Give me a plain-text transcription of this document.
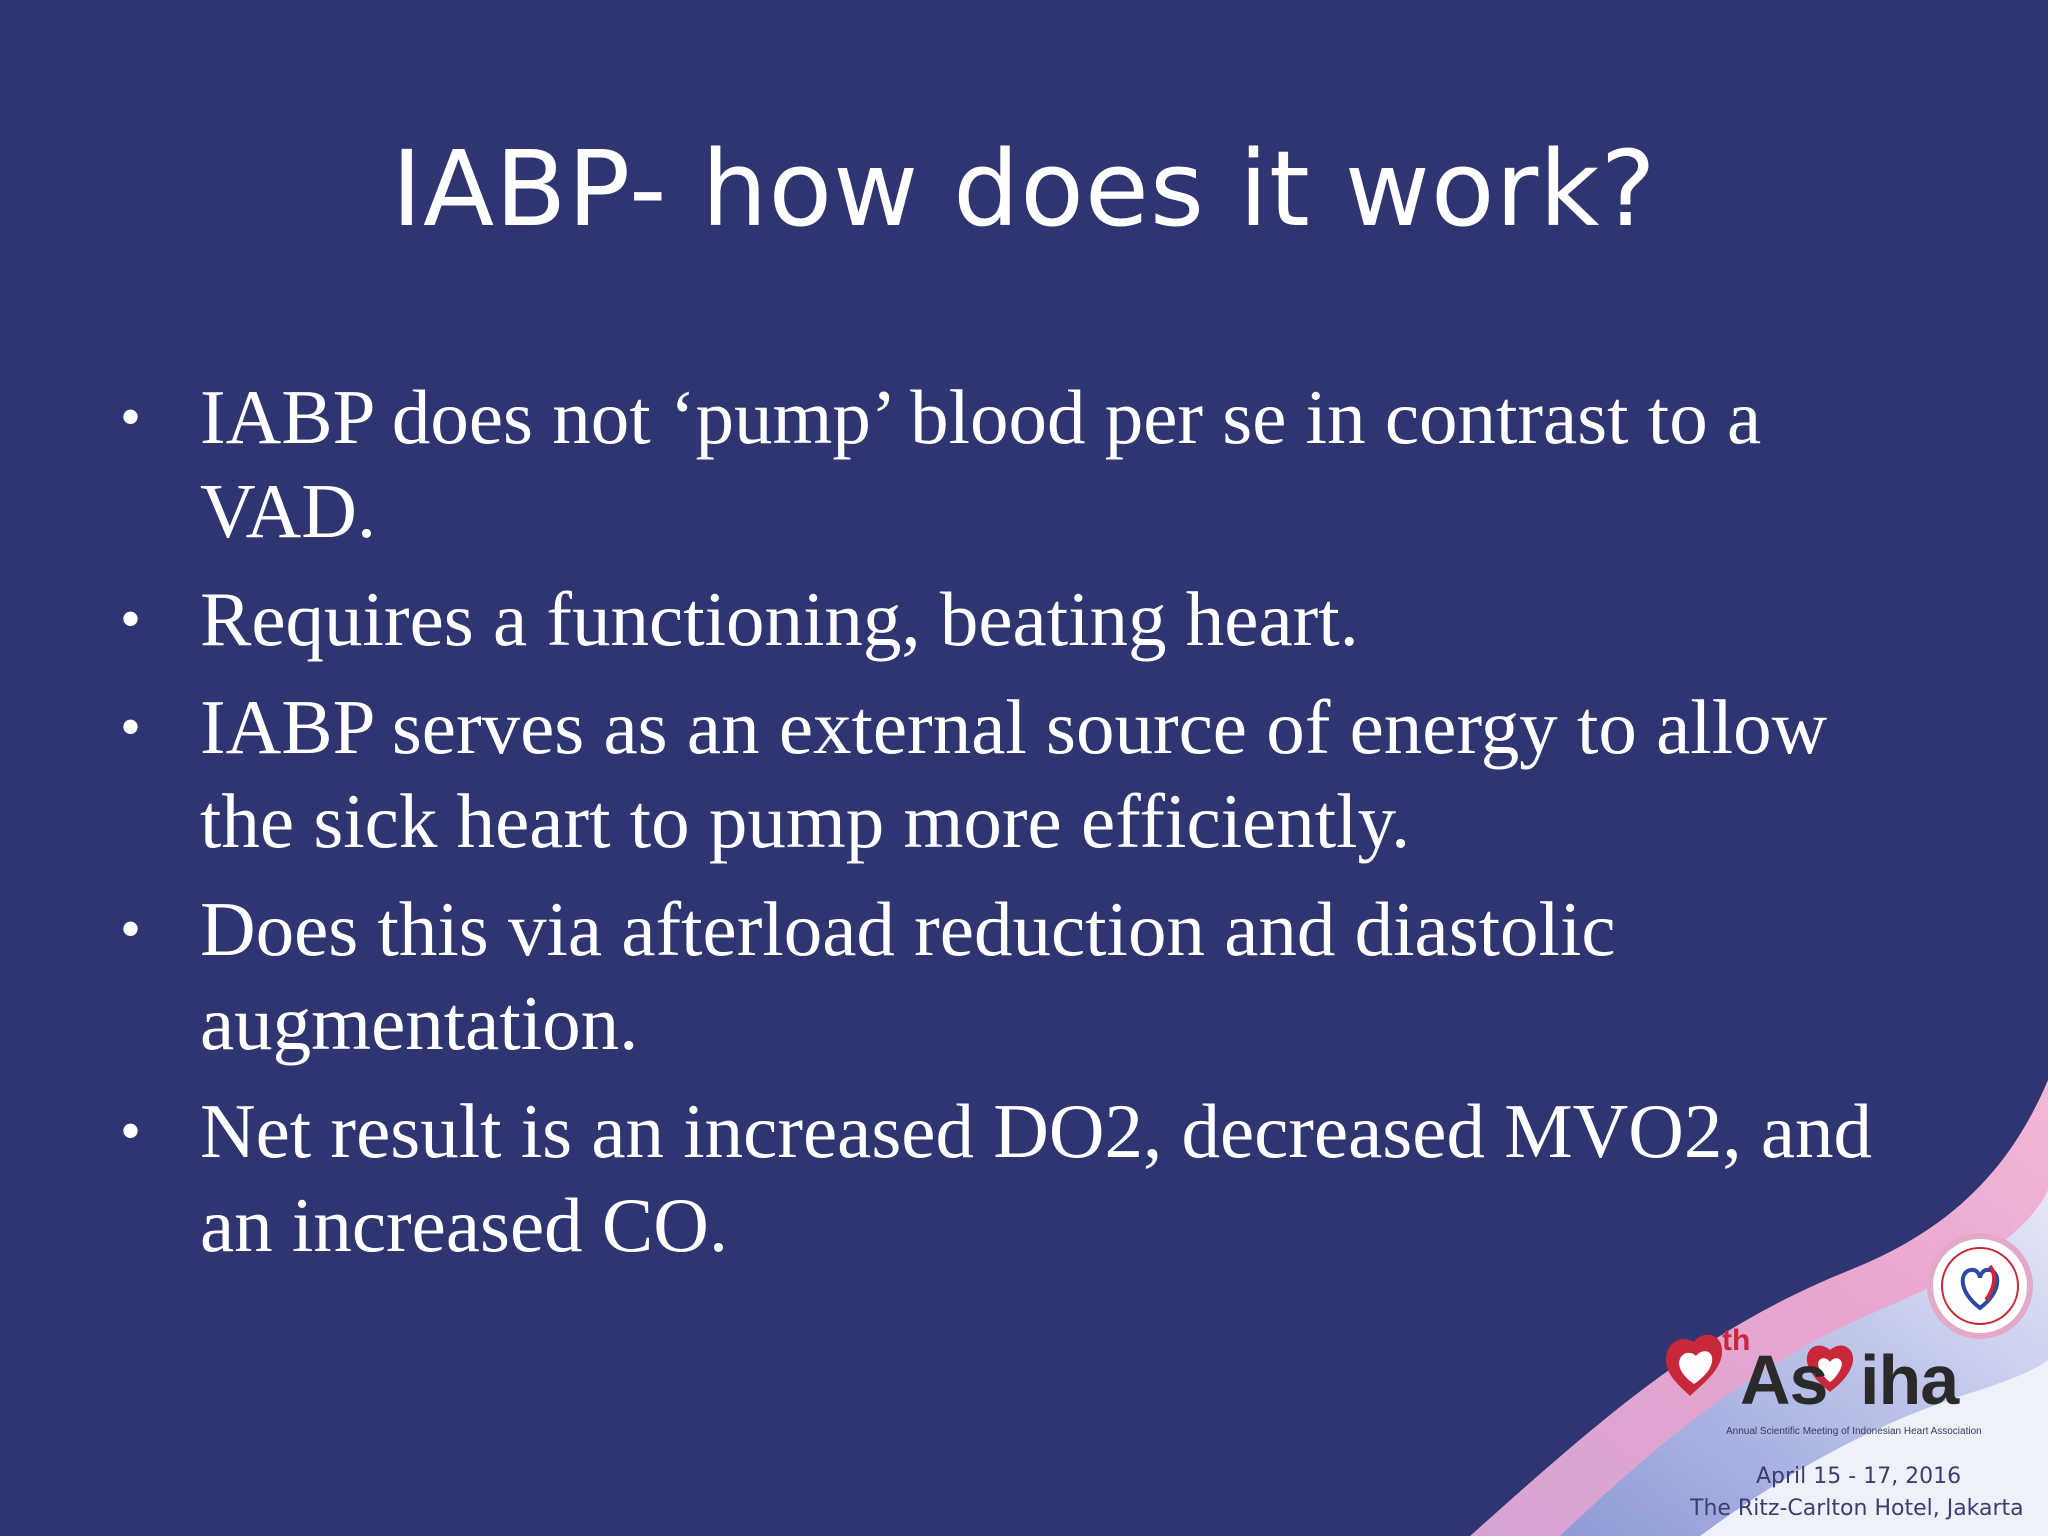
IABP- how does it work?
• IABP does not ‘pump’ blood per se in contrast to a VAD.
• Requires a functioning, beating heart.
• IABP serves as an external source of energy to allow the sick heart to pump more efficiently.
• Does this via afterload reduction and diastolic augmentation.
• Net result is an increased DO2, decreased MVO2, and an increased CO.
th
As iha
Annual Scientific Meeting of Indonesian Heart Association
April 15 - 17, 2016
The Ritz-Carlton Hotel, Jakarta
